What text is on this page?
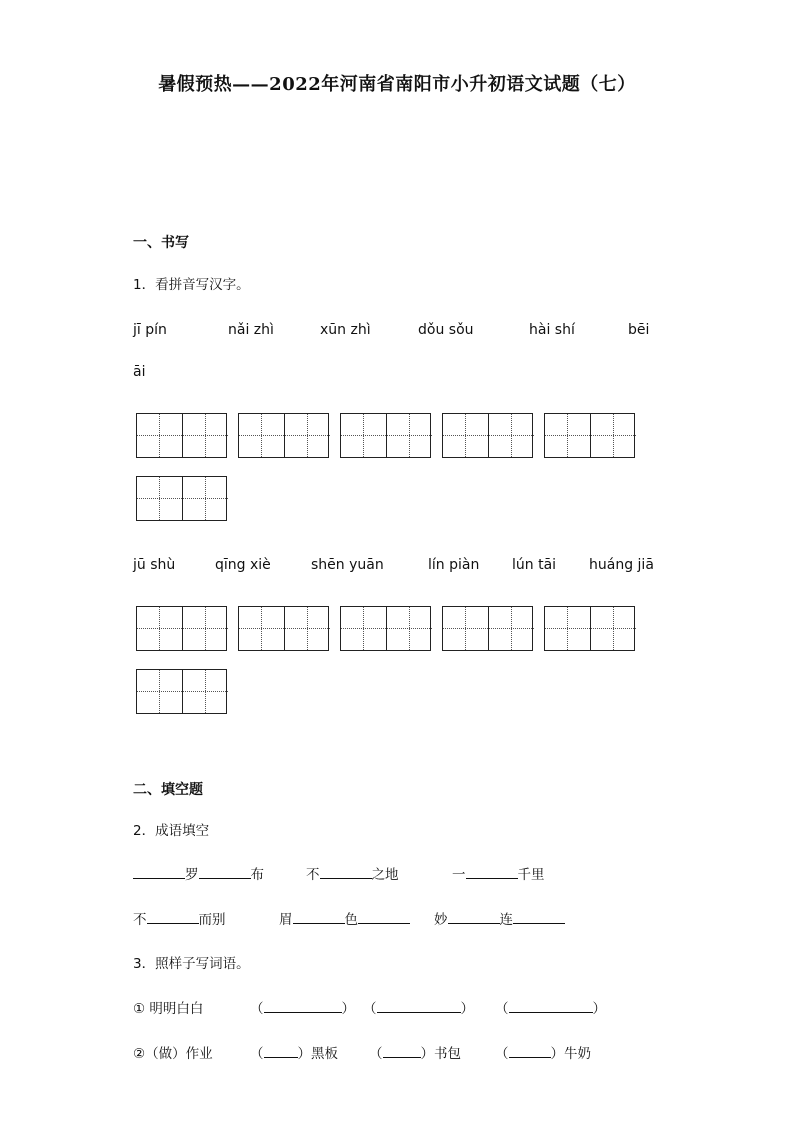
暑假预热——2022年河南省南阳市小升初语文试题（七）
一、书写
1．看拼音写汉字。
jī pín	nǎi zhì	xūn zhì	dǒu sǒu	hài shí	bēi
āi
jū shù	qīng xiè	shēn yuān	lín piàn lún tāi huáng jiā
二、填空题
2．成语填空
罗	布	不	之地	一	千里
不	而别	眉	色	妙	连
3．照样子写词语。
① 明明白白	（	） （	） （	）
②（做）作业	（	）黑板 （	）书包	（	）牛奶
